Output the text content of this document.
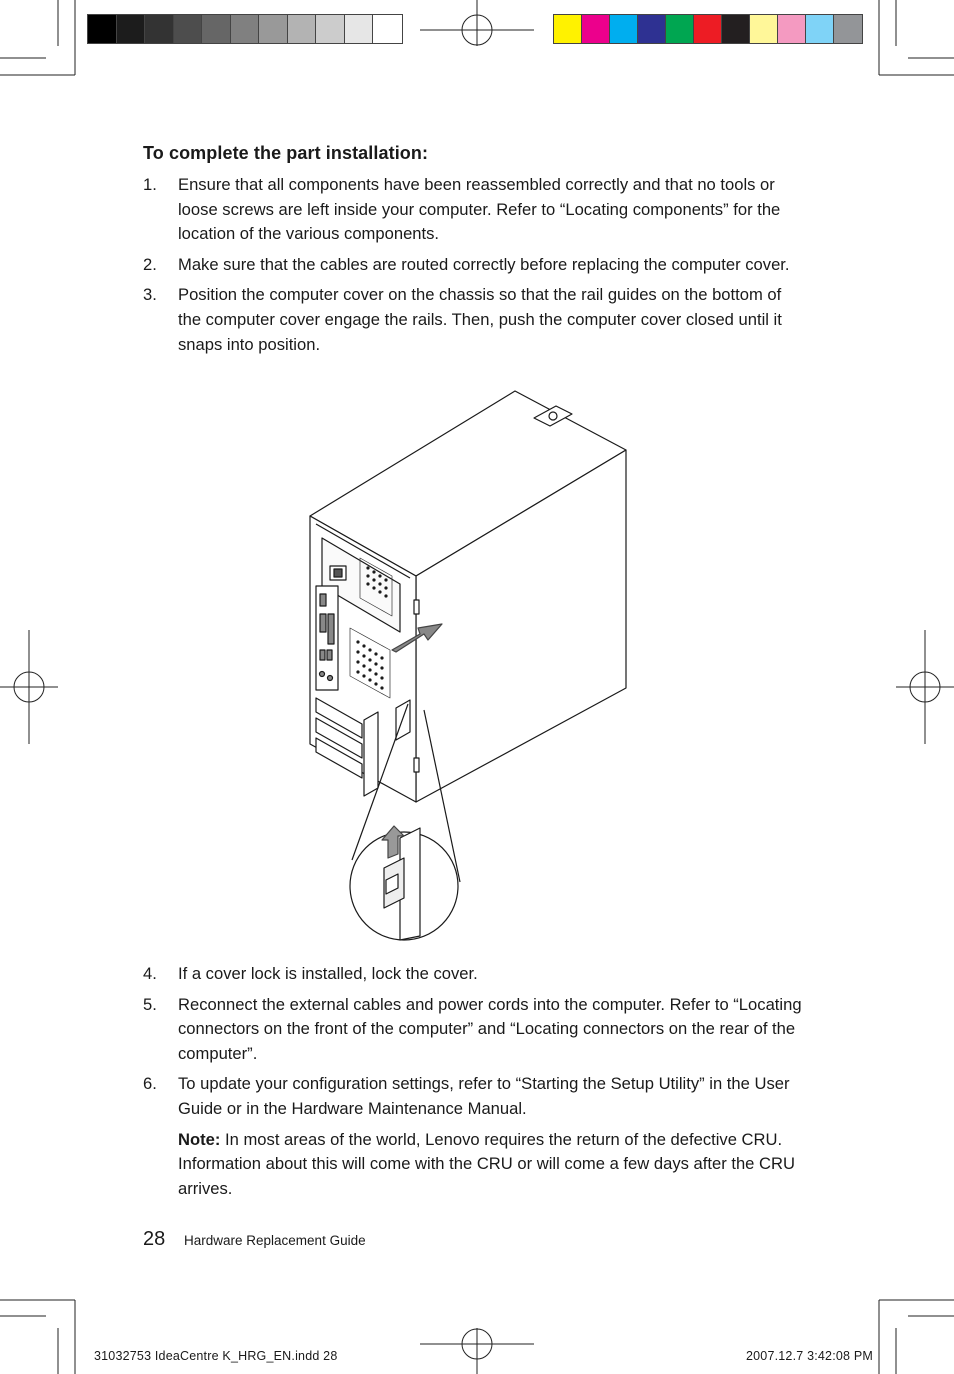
To complete the part installation:
1. Ensure that all components have been reassembled correctly and that no tools or loose screws are left inside your computer. Refer to “Locating components” for the location of the various components.
2. Make sure that the cables are routed correctly before replacing the computer cover.
3. Position the computer cover on the chassis so that the rail guides on the bottom of the computer cover engage the rails. Then, push the computer cover closed until it snaps into position.
4. If a cover lock is installed, lock the cover.
5. Reconnect the external cables and power cords into the computer. Refer to “Locating connectors on the front of the computer” and “Locating connectors on the rear of the computer”.
6. To update your configuration settings, refer to “Starting the Setup Utility” in the User Guide or in the Hardware Maintenance Manual.
Note: In most areas of the world, Lenovo requires the return of the defective CRU. Information about this will come with the CRU or will come a few days after the CRU arrives.
28 Hardware Replacement Guide
31032753 IdeaCentre K_HRG_EN.indd 28	2007.12.7 3:42:08 PM
